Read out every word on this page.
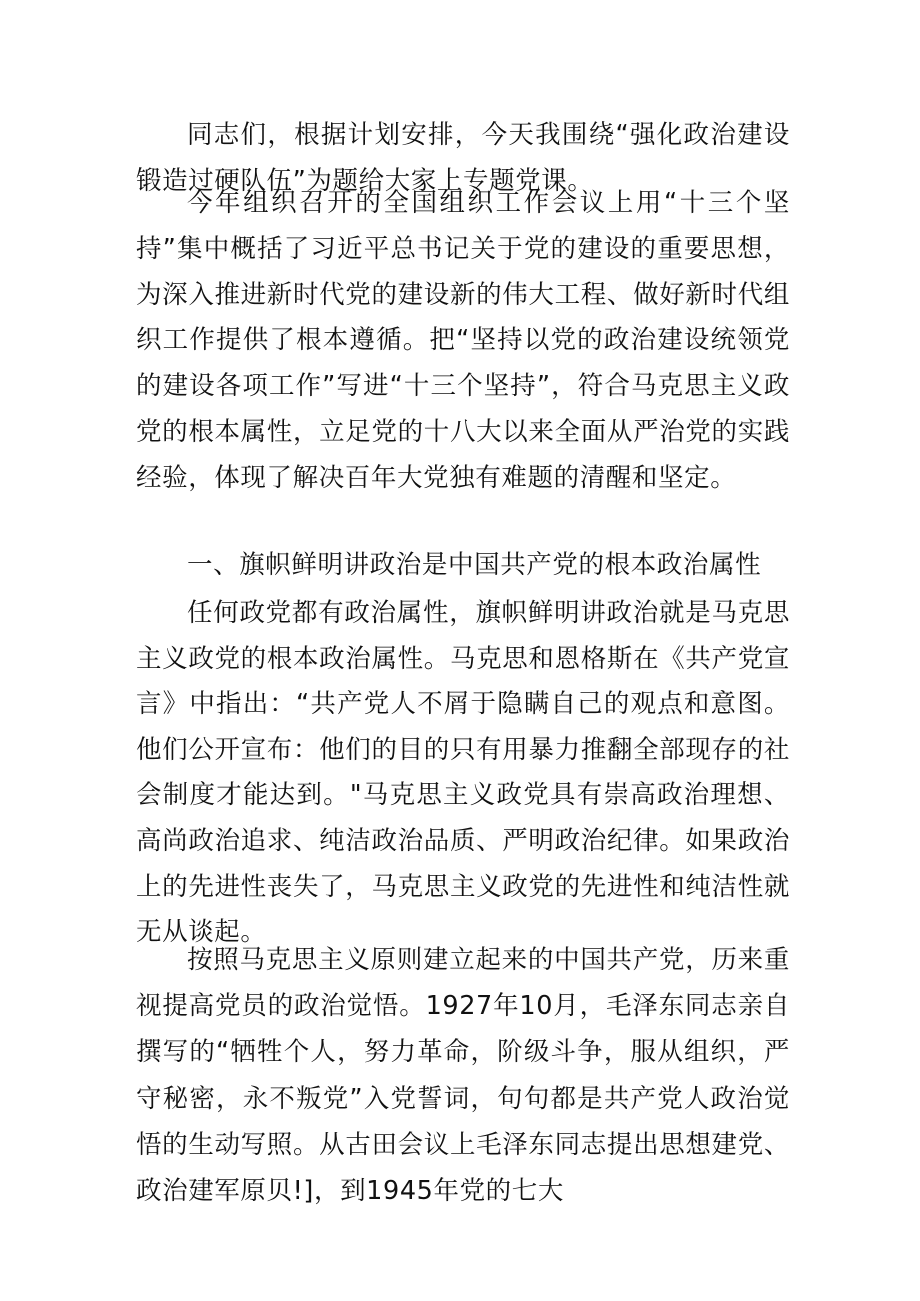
同志们，根据计划安排，今天我围绕“强化政治建设锻造过硬队伍”为题给大家上专题党课。

今年组织召开的全国组织工作会议上用“十三个坚持”集中概括了习近平总书记关于党的建设的重要思想，为深入推进新时代党的建设新的伟大工程、做好新时代组织工作提供了根本遵循。把“坚持以党的政治建设统领党的建设各项工作”写进“十三个坚持”，符合马克思主义政党的根本属性，立足党的十八大以来全面从严治党的实践经验，体现了解决百年大党独有难题的清醒和坚定。

一、旗帜鲜明讲政治是中国共产党的根本政治属性

任何政党都有政治属性，旗帜鲜明讲政治就是马克思主义政党的根本政治属性。马克思和恩格斯在《共产党宣言》中指出：“共产党人不屑于隐瞒自己的观点和意图。他们公开宣布：他们的目的只有用暴力推翻全部现存的社会制度才能达到。"马克思主义政党具有崇高政治理想、高尚政治追求、纯洁政治品质、严明政治纪律。如果政治上的先进性丧失了，马克思主义政党的先进性和纯洁性就无从谈起。

按照马克思主义原则建立起来的中国共产党，历来重视提高党员的政治觉悟。1927年10月，毛泽东同志亲自撰写的“牺牲个人，努力革命，阶级斗争，服从组织，严守秘密，永不叛党”入党誓词，句句都是共产党人政治觉悟的生动写照。从古田会议上毛泽东同志提出思想建党、政治建军原贝!]，到1945年党的七大
